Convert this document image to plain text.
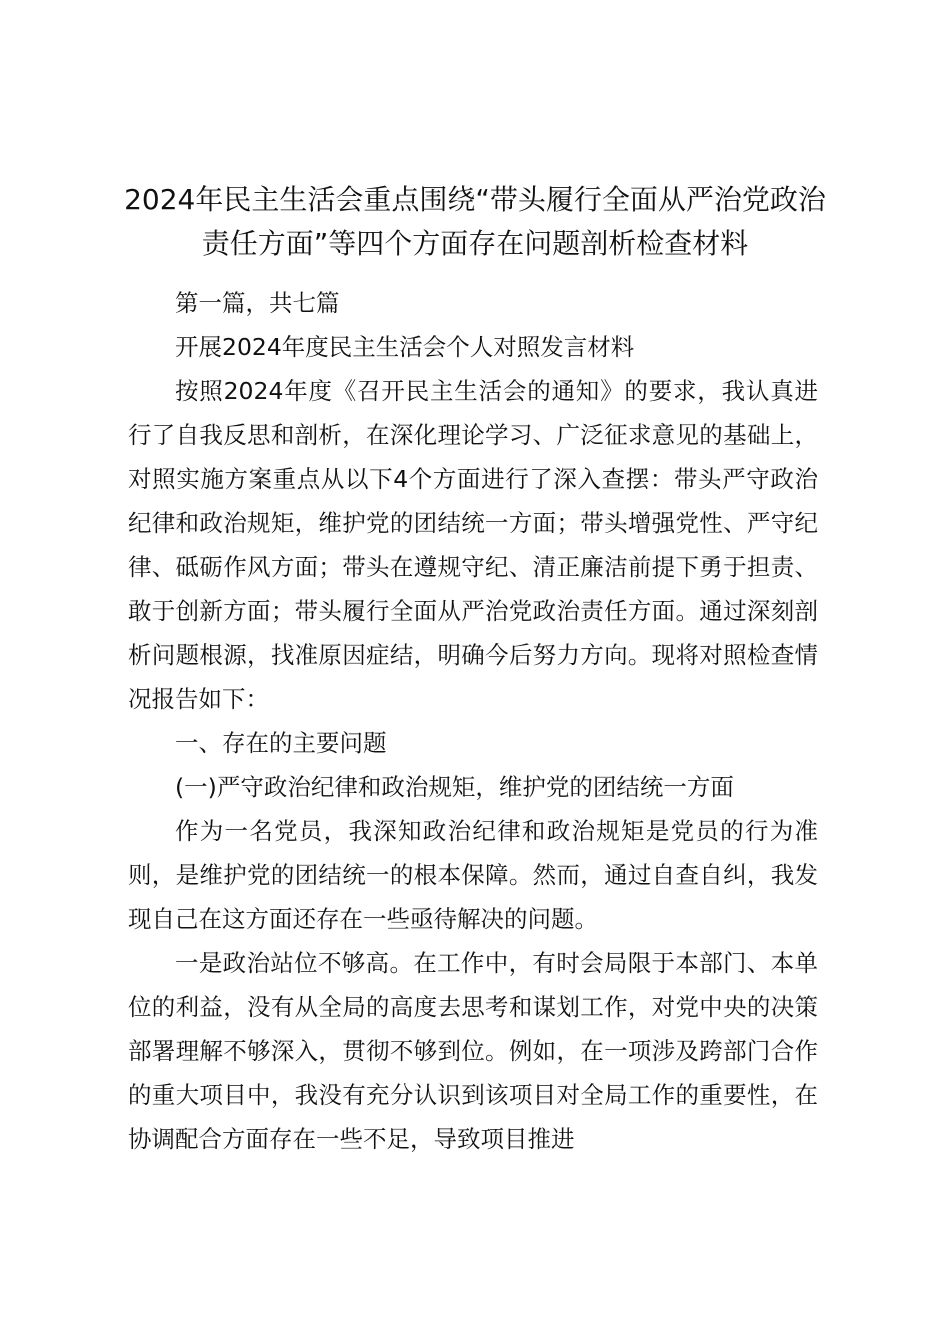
2024年民主生活会重点围绕“带头履行全面从严治党政治责任方面”等四个方面存在问题剖析检查材料

第一篇，共七篇

开展2024年度民主生活会个人对照发言材料

按照2024年度《召开民主生活会的通知》的要求，我认真进行了自我反思和剖析，在深化理论学习、广泛征求意见的基础上，对照实施方案重点从以下4个方面进行了深入查摆：带头严守政治纪律和政治规矩，维护党的团结统一方面；带头增强党性、严守纪律、砥砺作风方面；带头在遵规守纪、清正廉洁前提下勇于担责、敢于创新方面；带头履行全面从严治党政治责任方面。通过深刻剖析问题根源，找准原因症结，明确今后努力方向。现将对照检查情况报告如下：

一、存在的主要问题

(一)严守政治纪律和政治规矩，维护党的团结统一方面

作为一名党员，我深知政治纪律和政治规矩是党员的行为准则，是维护党的团结统一的根本保障。然而，通过自查自纠，我发现自己在这方面还存在一些亟待解决的问题。

一是政治站位不够高。在工作中，有时会局限于本部门、本单位的利益，没有从全局的高度去思考和谋划工作，对党中央的决策部署理解不够深入，贯彻不够到位。例如，在一项涉及跨部门合作的重大项目中，我没有充分认识到该项目对全局工作的重要性，在协调配合方面存在一些不足，导致项目推进
